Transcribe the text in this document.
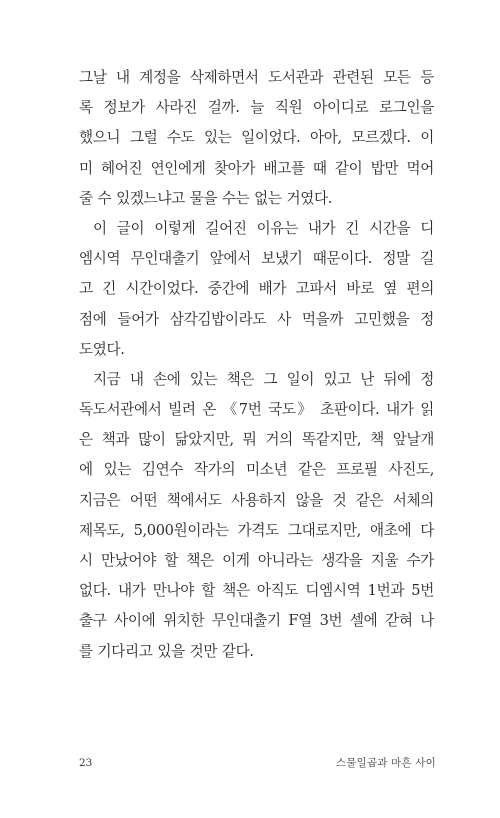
그날 내 계정을 삭제하면서 도서관과 관련된 모든 등
록 정보가 사라진 걸까. 늘 직원 아이디로 로그인을
했으니 그럴 수도 있는 일이었다. 아아, 모르겠다. 이
미 헤어진 연인에게 찾아가 배고플 때 같이 밥만 먹어
줄 수 있겠느냐고 물을 수는 없는 거였다.

이 글이 이렇게 길어진 이유는 내가 긴 시간을 디
엠시역 무인대출기 앞에서 보냈기 때문이다. 정말 길
고 긴 시간이었다. 중간에 배가 고파서 바로 옆 편의
점에 들어가 삼각김밥이라도 사 먹을까 고민했을 정
도였다.

지금 내 손에 있는 책은 그 일이 있고 난 뒤에 정
독도서관에서 빌려 온 《7번 국도》 초판이다. 내가 읽
은 책과 많이 닮았지만, 뭐 거의 똑같지만, 책 앞날개
에 있는 김연수 작가의 미소년 같은 프로필 사진도,
지금은 어떤 책에서도 사용하지 않을 것 같은 서체의
제목도, 5,000원이라는 가격도 그대로지만, 애초에 다
시 만났어야 할 책은 이게 아니라는 생각을 지울 수가
없다. 내가 만나야 할 책은 아직도 디엠시역 1번과 5번
출구 사이에 위치한 무인대출기 F열 3번 셀에 갇혀 나
를 기다리고 있을 것만 같다.

23	스물일곱과 마흔 사이
